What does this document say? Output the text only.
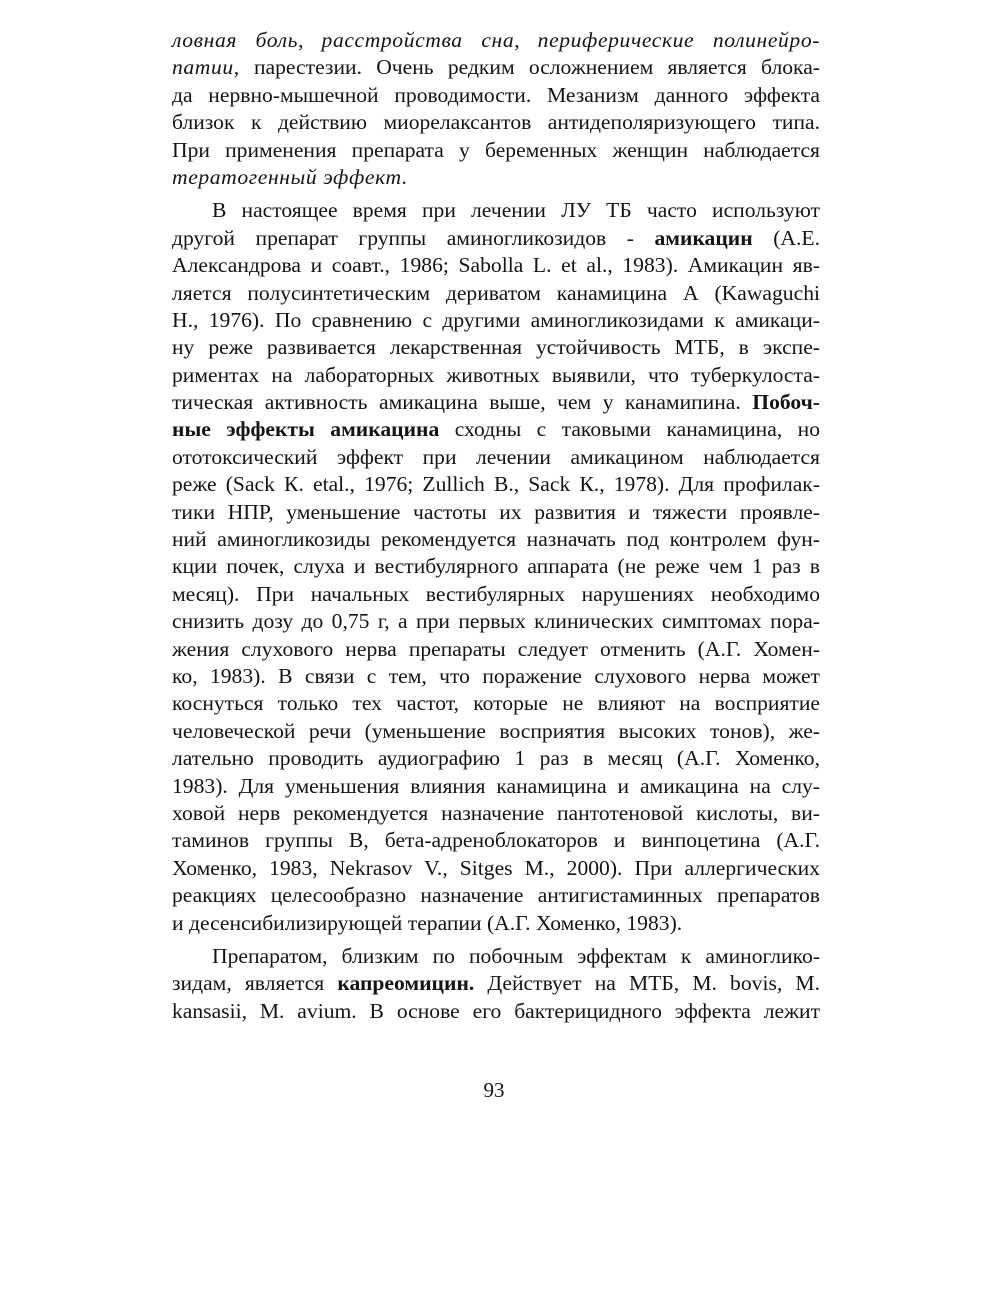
ловная боль, расстройства сна, периферические полинейро-
патии, парестезии. Очень редким осложнением является блока-
да нервно-мышечной проводимости. Мезанизм данного эффекта
близок к действию миорелаксантов антидеполяризующего типа.
При применения препарата у беременных женщин наблюдается
тератогенный эффект.
В настоящее время при лечении ЛУ ТБ часто используют
другой препарат группы аминогликозидов - амикацин (А.Е.
Александрова и соавт., 1986; Sabolla L. et al., 1983). Амикацин яв-
ляется полусинтетическим дериватом канамицина А (Kawaguchi
Н., 1976). По сравнению с другими аминогликозидами к амикаци-
ну реже развивается лекарственная устойчивость МТБ, в экспе-
риментах на лабораторных животных выявили, что туберкулоста-
тическая активность амикацина выше, чем у канамипина. Побоч-
ные эффекты амикацина сходны с таковыми канамицина, но
ототоксический эффект при лечении амикацином наблюдается
реже (Sack К. etal., 1976; Zullich В., Sack К., 1978). Для профилак-
тики НПР, уменьшение частоты их развития и тяжести проявле-
ний аминогликозиды рекомендуется назначать под контролем фун-
кции почек, слуха и вестибулярного аппарата (не реже чем 1 раз в
месяц). При начальных вестибулярных нарушениях необходимо
снизить дозу до 0,75 г, а при первых клинических симптомах пора-
жения слухового нерва препараты следует отменить (А.Г. Хомен-
ко, 1983). В связи с тем, что поражение слухового нерва может
коснуться только тех частот, которые не влияют на восприятие
человеческой речи (уменьшение восприятия высоких тонов), же-
лательно проводить аудиографию 1 раз в месяц (А.Г. Хоменко,
1983). Для уменьшения влияния канамицина и амикацина на слу-
ховой нерв рекомендуется назначение пантотеновой кислоты, ви-
таминов группы В, бета-адреноблокаторов и винпоцетина (А.Г.
Хоменко, 1983, Nekrasov V., Sitges М., 2000). При аллергических
реакциях целесообразно назначение антигистаминных препаратов
и десенсибилизирующей терапии (А.Г. Хоменко, 1983).
Препаратом, близким по побочным эффектам к аминоглико-
зидам, является капреомицин. Действует на МТБ, М. bovis, М.
kansasii, М. avium. В основе его бактерицидного эффекта лежит
93
